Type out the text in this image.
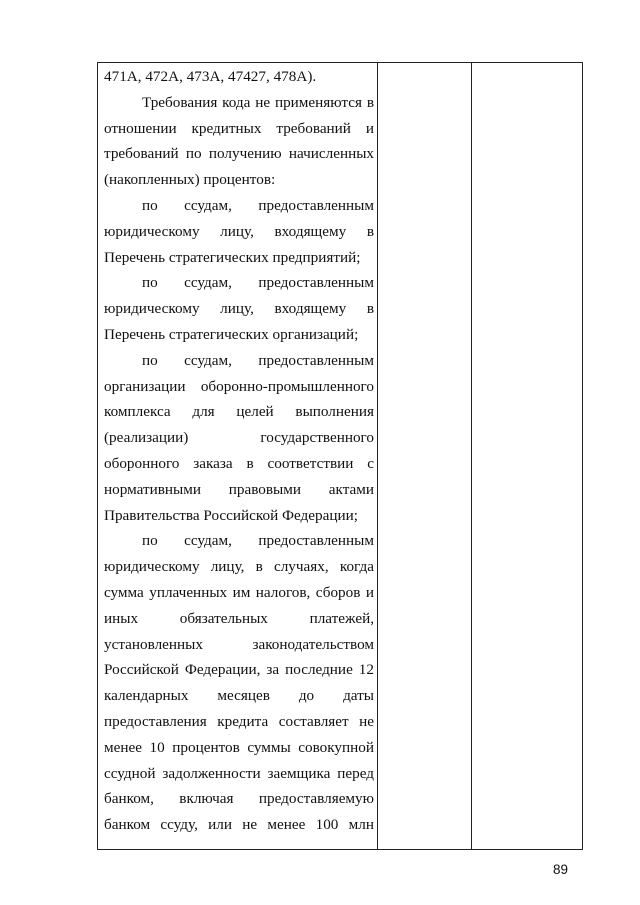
471А, 472А, 473А, 47427, 478А).
Требования кода не применяются в
отношении кредитных требований и
требований по получению начисленных
(накопленных) процентов:
по ссудам, предоставленным
юридическому лицу, входящему в
Перечень стратегических предприятий;
по ссудам, предоставленным
юридическому лицу, входящему в
Перечень стратегических организаций;
по ссудам, предоставленным
организации оборонно-промышленного
комплекса для целей выполнения
(реализации) государственного
оборонного заказа в соответствии с
нормативными правовыми актами
Правительства Российской Федерации;
по ссудам, предоставленным
юридическому лицу, в случаях, когда
сумма уплаченных им налогов, сборов и
иных обязательных платежей,
установленных законодательством
Российской Федерации, за последние 12
календарных месяцев до даты
предоставления кредита составляет не
менее 10 процентов суммы совокупной
ссудной задолженности заемщика перед
банком, включая предоставляемую
банком ссуду, или не менее 100 млн
89
